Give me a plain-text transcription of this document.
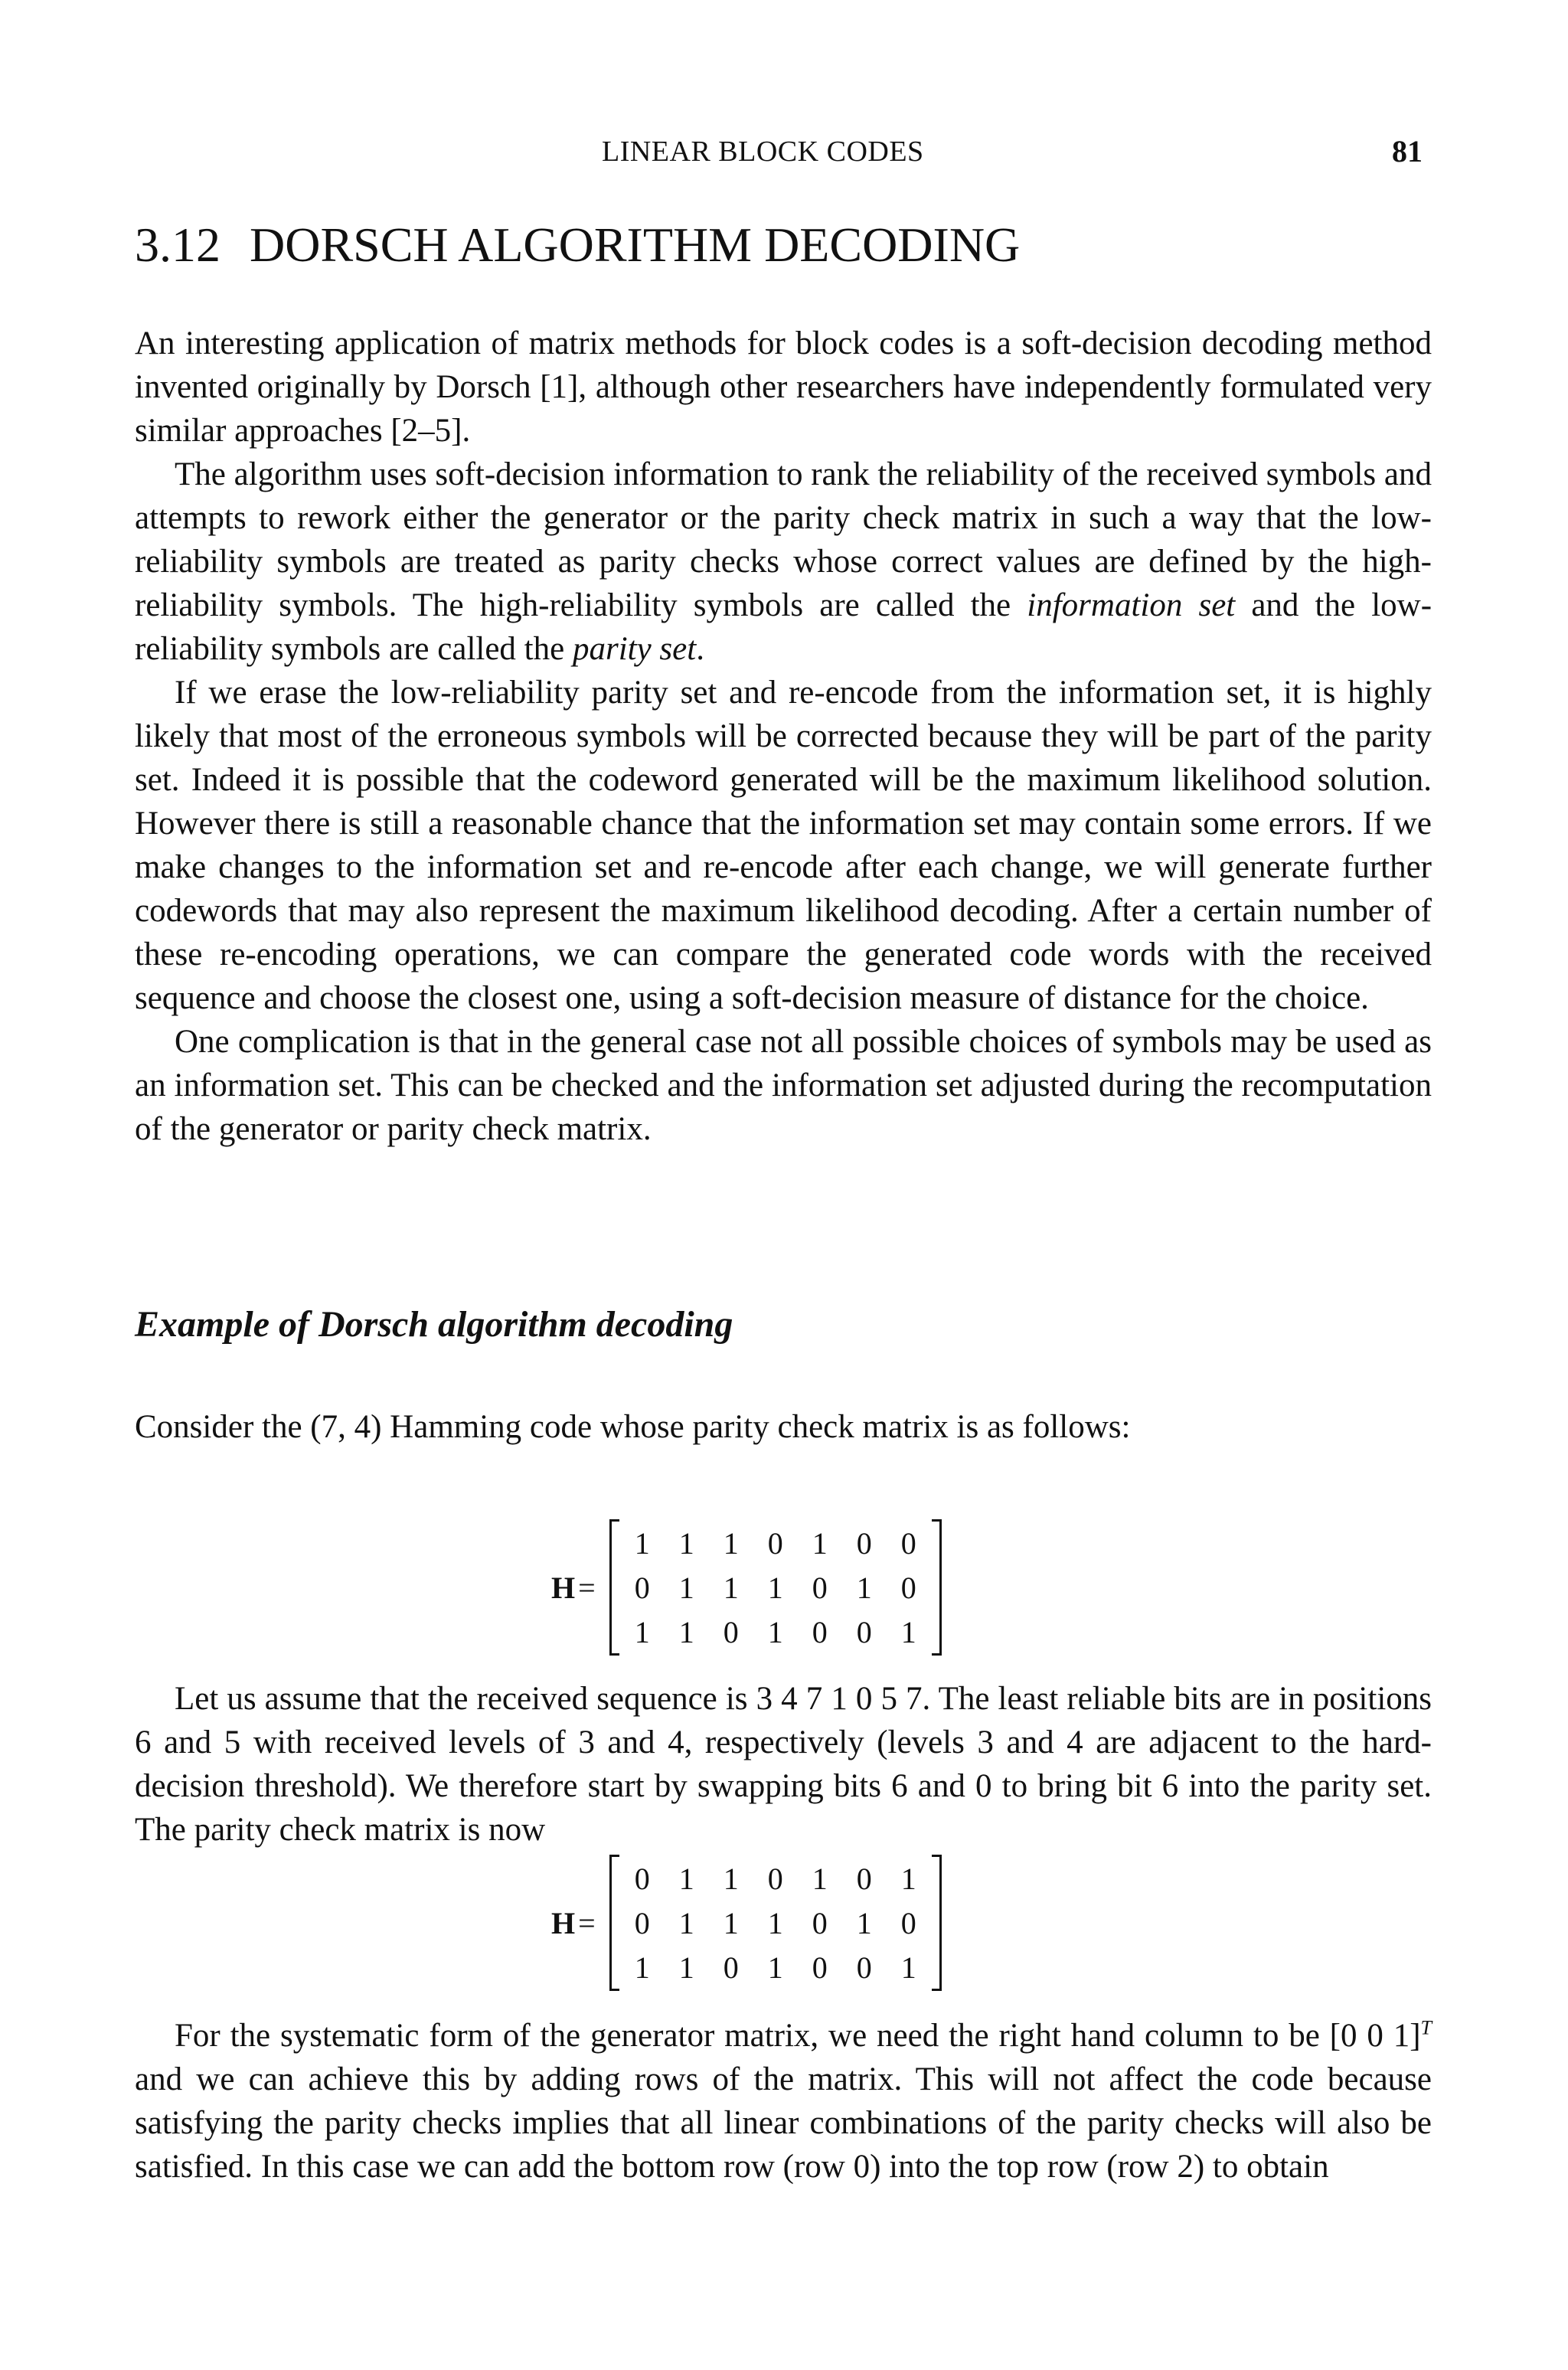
LINEAR BLOCK CODES	81
3.12 DORSCH ALGORITHM DECODING

An interesting application of matrix methods for block codes is a soft-decision decoding method invented originally by Dorsch [1], although other researchers have independently formulated very similar approaches [2–5].

The algorithm uses soft-decision information to rank the reliability of the received symbols and attempts to rework either the generator or the parity check matrix in such a way that the low-reliability symbols are treated as parity checks whose correct values are defined by the high-reliability symbols. The high-reliability symbols are called the information set and the low-reliability symbols are called the parity set.

If we erase the low-reliability parity set and re-encode from the information set, it is highly likely that most of the erroneous symbols will be corrected because they will be part of the parity set. Indeed it is possible that the codeword generated will be the maximum likelihood solution. However there is still a reasonable chance that the information set may contain some errors. If we make changes to the information set and re-encode after each change, we will generate further codewords that may also represent the maximum likelihood decoding. After a certain number of these re-encoding operations, we can compare the generated code words with the received sequence and choose the closest one, using a soft-decision measure of distance for the choice.

One complication is that in the general case not all possible choices of symbols may be used as an information set. This can be checked and the information set adjusted during the recomputation of the generator or parity check matrix.

Example of Dorsch algorithm decoding

Consider the (7, 4) Hamming code whose parity check matrix is as follows:

H =
1	1	1	0	1	0	0
0	1	1	1	0	1	0
1	1	0	1	0	0	1

Let us assume that the received sequence is 3 4 7 1 0 5 7. The least reliable bits are in positions 6 and 5 with received levels of 3 and 4, respectively (levels 3 and 4 are adjacent to the hard-decision threshold). We therefore start by swapping bits 6 and 0 to bring bit 6 into the parity set. The parity check matrix is now

H =
0	1	1	0	1	0	1
0	1	1	1	0	1	0
1	1	0	1	0	0	1

For the systematic form of the generator matrix, we need the right hand column to be [0 0 1]$^T$ and we can achieve this by adding rows of the matrix. This will not affect the code because satisfying the parity checks implies that all linear combinations of the parity checks will also be satisfied. In this case we can add the bottom row (row 0) into the top row (row 2) to obtain
